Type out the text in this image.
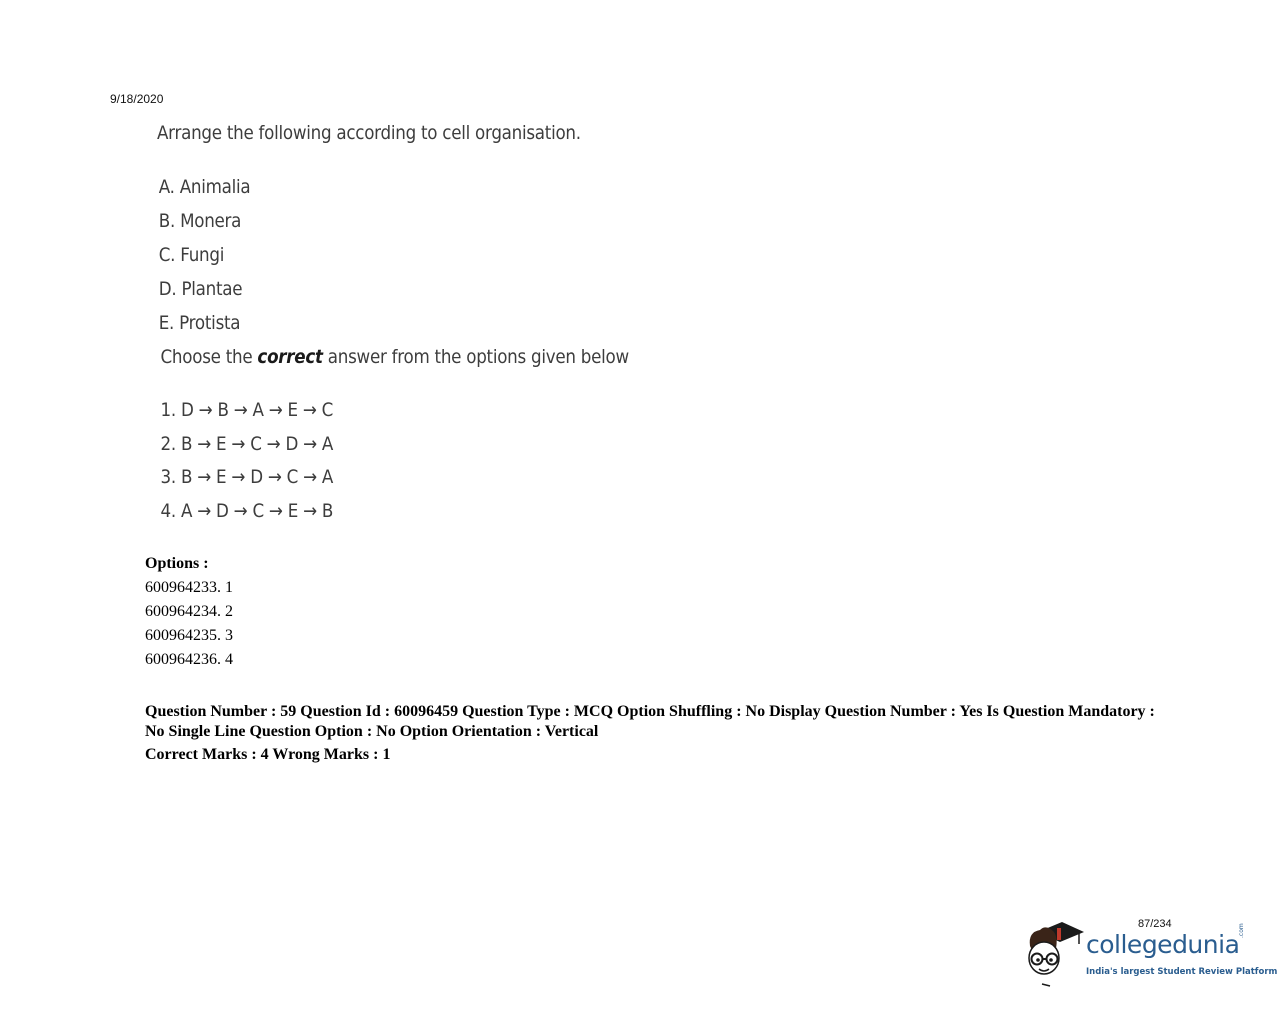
9/18/2020
Arrange the following according to cell organisation.
A. Animalia
B. Monera
C. Fungi
D. Plantae
E. Protista
Choose the correct answer from the options given below
1. D → B → A → E → C
2. B → E → C → D → A
3. B → E → D → C → A
4. A → D → C → E → B
Options :
600964233. 1
600964234. 2
600964235. 3
600964236. 4
Question Number : 59 Question Id : 60096459 Question Type : MCQ Option Shuffling : No Display Question Number : Yes Is Question Mandatory : No Single Line Question Option : No Option Orientation : Vertical
Correct Marks : 4 Wrong Marks : 1
87/234
collegedunia
.com
India's largest Student Review Platform
